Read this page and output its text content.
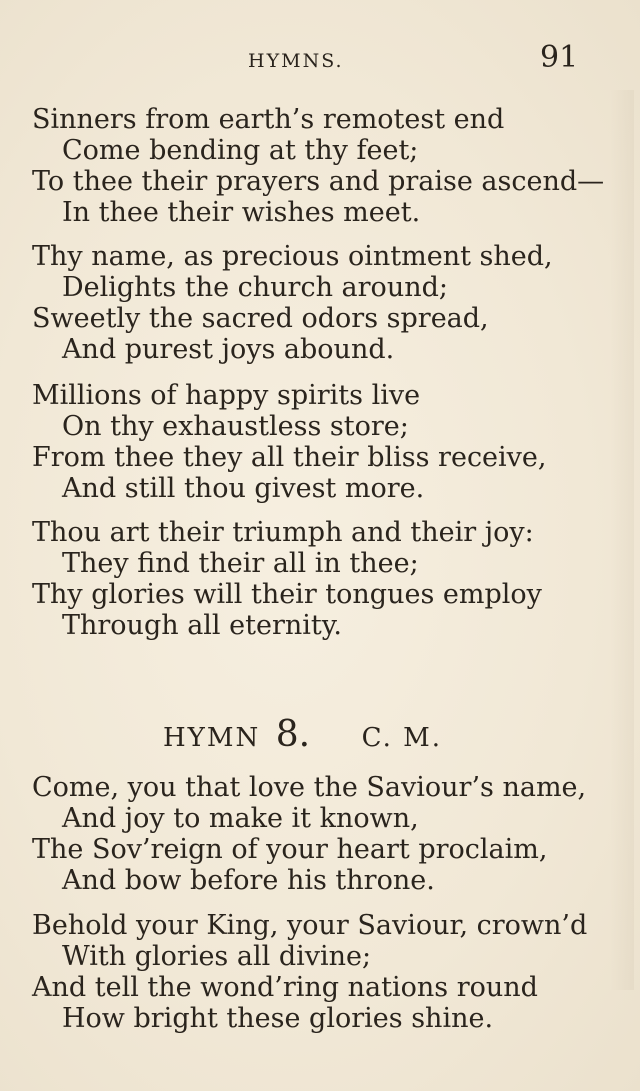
HYMNS.	91
Sinners from earth’s remotest end
Come bending at thy feet;
To thee their prayers and praise ascend—
In thee their wishes meet.
Thy name, as precious ointment shed,
Delights the church around;
Sweetly the sacred odors spread,
And purest joys abound.
Millions of happy spirits live
On thy exhaustless store;
From thee they all their bliss receive,
And still thou givest more.
Thou art their triumph and their joy:
They find their all in thee;
Thy glories will their tongues employ
Through all eternity.
HYMN 8. C. M.
Come, you that love the Saviour’s name,
And joy to make it known,
The Sov’reign of your heart proclaim,
And bow before his throne.
Behold your King, your Saviour, crown’d
With glories all divine;
And tell the wond’ring nations round
How bright these glories shine.
